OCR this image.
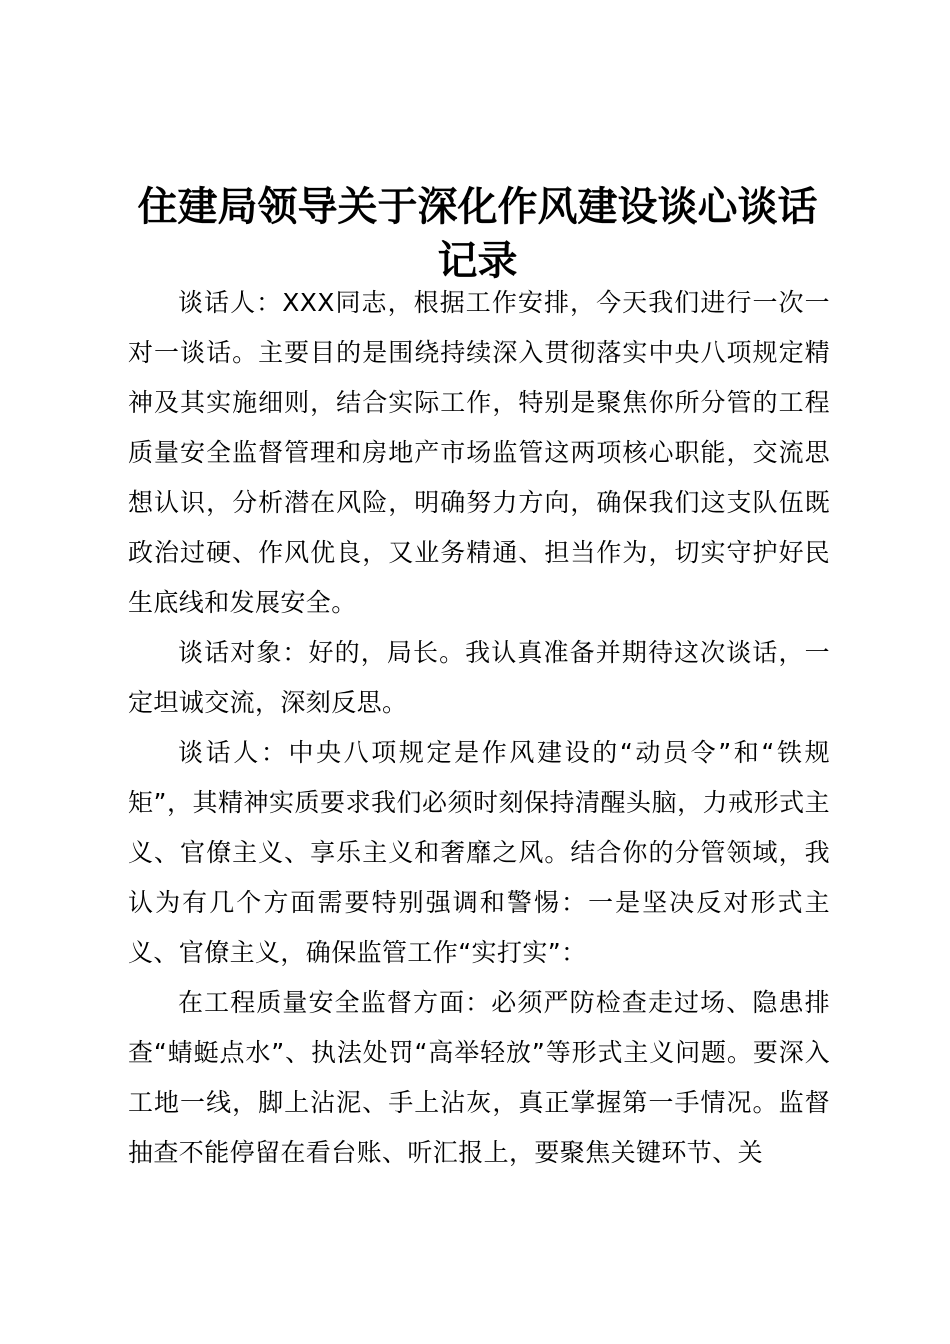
住建局领导关于深化作风建设谈心谈话
记录

谈话人：XXX同志，根据工作安排，今天我们进行一次一对一谈话。主要目的是围绕持续深入贯彻落实中央八项规定精神及其实施细则，结合实际工作，特别是聚焦你所分管的工程质量安全监督管理和房地产市场监管这两项核心职能，交流思想认识，分析潜在风险，明确努力方向，确保我们这支队伍既政治过硬、作风优良，又业务精通、担当作为，切实守护好民生底线和发展安全。

谈话对象：好的，局长。我认真准备并期待这次谈话，一定坦诚交流，深刻反思。

谈话人：中央八项规定是作风建设的“动员令”和“铁规矩”，其精神实质要求我们必须时刻保持清醒头脑，力戒形式主义、官僚主义、享乐主义和奢靡之风。结合你的分管领域，我认为有几个方面需要特别强调和警惕：一是坚决反对形式主义、官僚主义，确保监管工作“实打实”：

在工程质量安全监督方面：必须严防检查走过场、隐患排查“蜻蜓点水”、执法处罚“高举轻放”等形式主义问题。要深入工地一线，脚上沾泥、手上沾灰，真正掌握第一手情况。监督抽查不能停留在看台账、听汇报上，要聚焦关键环节、关
